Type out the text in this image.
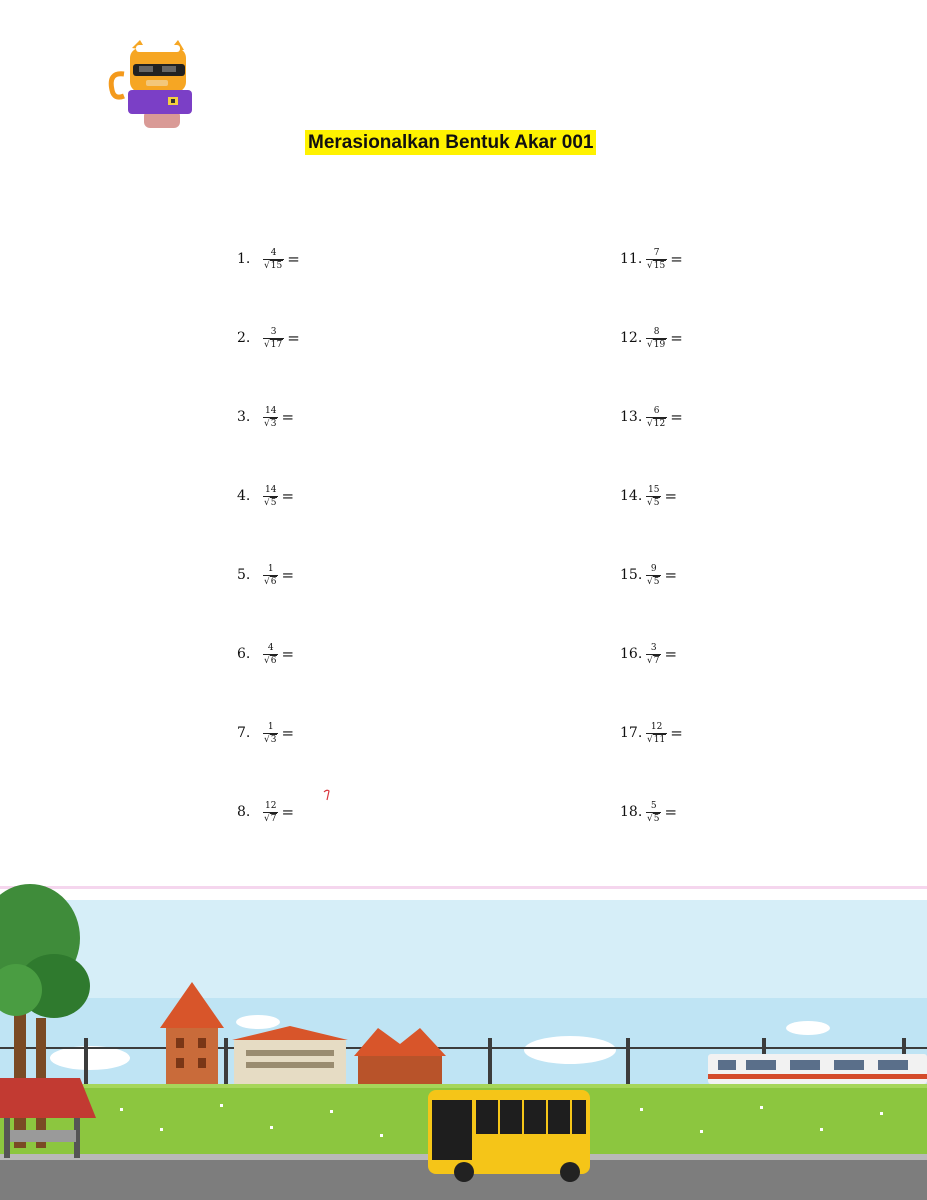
Merasionalkan Bentuk Akar 001
1.	$\frac{4}{√15}$ =
2.	$\frac{3}{√17}$ =
3.	$\frac{14}{√3}$ =
4.	$\frac{14}{√5}$ =
5.	$\frac{1}{√6}$ =
6.	$\frac{4}{√6}$ =
7.	$\frac{1}{√3}$ =
8.	$\frac{12}{√7}$ =
11. $\frac{7}{√15}$ =
12. $\frac{8}{√19}$ =
13. $\frac{6}{√12}$ =
14. $\frac{15}{√5}$ =
15. $\frac{9}{√5}$ =
16. $\frac{3}{√7}$ =
17. $\frac{12}{√11}$ =
18. $\frac{5}{√5}$ =
